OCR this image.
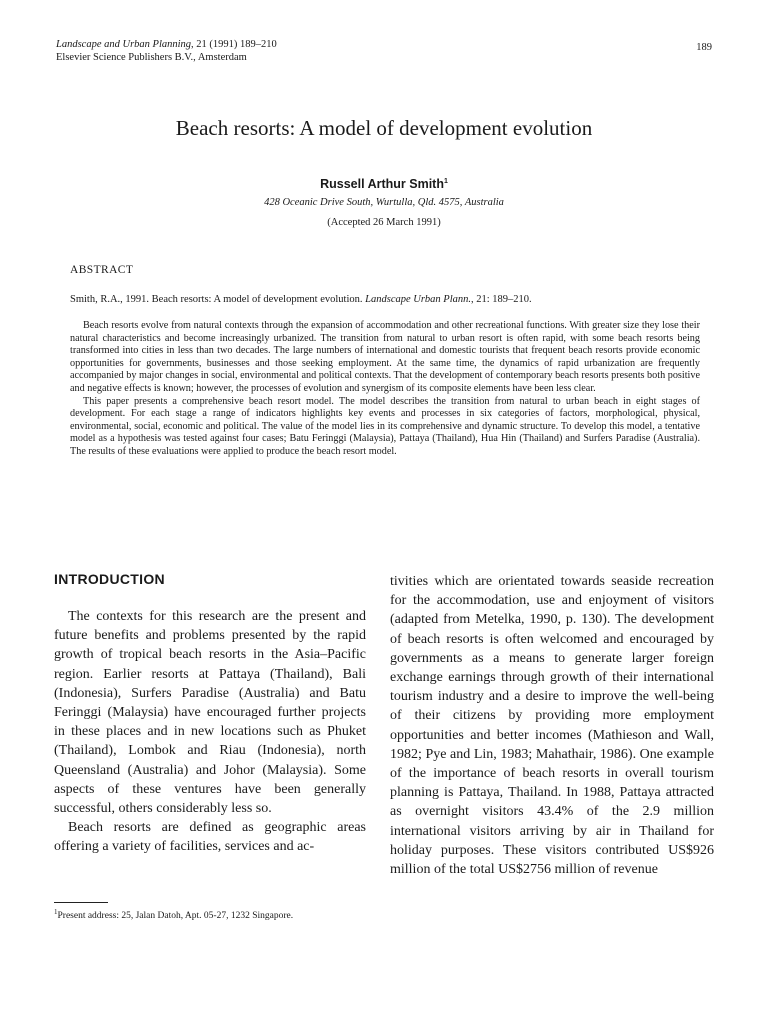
Landscape and Urban Planning, 21 (1991) 189–210
Elsevier Science Publishers B.V., Amsterdam
189
Beach resorts: A model of development evolution
Russell Arthur Smith$^1$
428 Oceanic Drive South, Wurtulla, Qld. 4575, Australia
(Accepted 26 March 1991)
ABSTRACT
Smith, R.A., 1991. Beach resorts: A model of development evolution. Landscape Urban Plann., 21: 189–210.

Beach resorts evolve from natural contexts through the expansion of accommodation and other recreational functions. With greater size they lose their natural characteristics and become increasingly urbanized. The transition from natural to urban resort is often rapid, with some beach resorts being transformed into cities in less than two decades. The large numbers of international and domestic tourists that frequent beach resorts provide economic opportunities for governments, businesses and those seeking employment. At the same time, the dynamics of rapid urbanization are frequently accompanied by major changes in social, environmental and political contexts. That the development of contemporary beach resorts presents both positive and negative effects is known; however, the processes of evolution and synergism of its composite elements have been less clear.

This paper presents a comprehensive beach resort model. The model describes the transition from natural to urban beach in eight stages of development. For each stage a range of indicators highlights key events and processes in six categories of factors, morphological, physical, environmental, social, economic and political. The value of the model lies in its comprehensive and dynamic structure. To develop this model, a tentative model as a hypothesis was tested against four cases; Batu Feringgi (Malaysia), Pattaya (Thailand), Hua Hin (Thailand) and Surfers Paradise (Australia). The results of these evaluations were applied to produce the beach resort model.

INTRODUCTION

The contexts for this research are the present and future benefits and problems presented by the rapid growth of tropical beach resorts in the Asia–Pacific region. Earlier resorts at Pattaya (Thailand), Bali (Indonesia), Surfers Paradise (Australia) and Batu Feringgi (Malaysia) have encouraged further projects in these places and in new locations such as Phuket (Thailand), Lombok and Riau (Indonesia), north Queensland (Australia) and Johor (Malaysia). Some aspects of these ventures have been generally successful, others considerably less so.

Beach resorts are defined as geographic areas offering a variety of facilities, services and ac-

tivities which are orientated towards seaside recreation for the accommodation, use and enjoyment of visitors (adapted from Metelka, 1990, p. 130). The development of beach resorts is often welcomed and encouraged by governments as a means to generate larger foreign exchange earnings through growth of their international tourism industry and a desire to improve the well-being of their citizens by providing more employment opportunities and better incomes (Mathieson and Wall, 1982; Pye and Lin, 1983; Mahathair, 1986). One example of the importance of beach resorts in overall tourism planning is Pattaya, Thailand. In 1988, Pattaya attracted as overnight visitors 43.4% of the 2.9 million international visitors arriving by air in Thailand for holiday purposes. These visitors contributed US$926 million of the total US$2756 million of revenue

$^1$Present address: 25, Jalan Datoh, Apt. 05-27, 1232 Singapore.
